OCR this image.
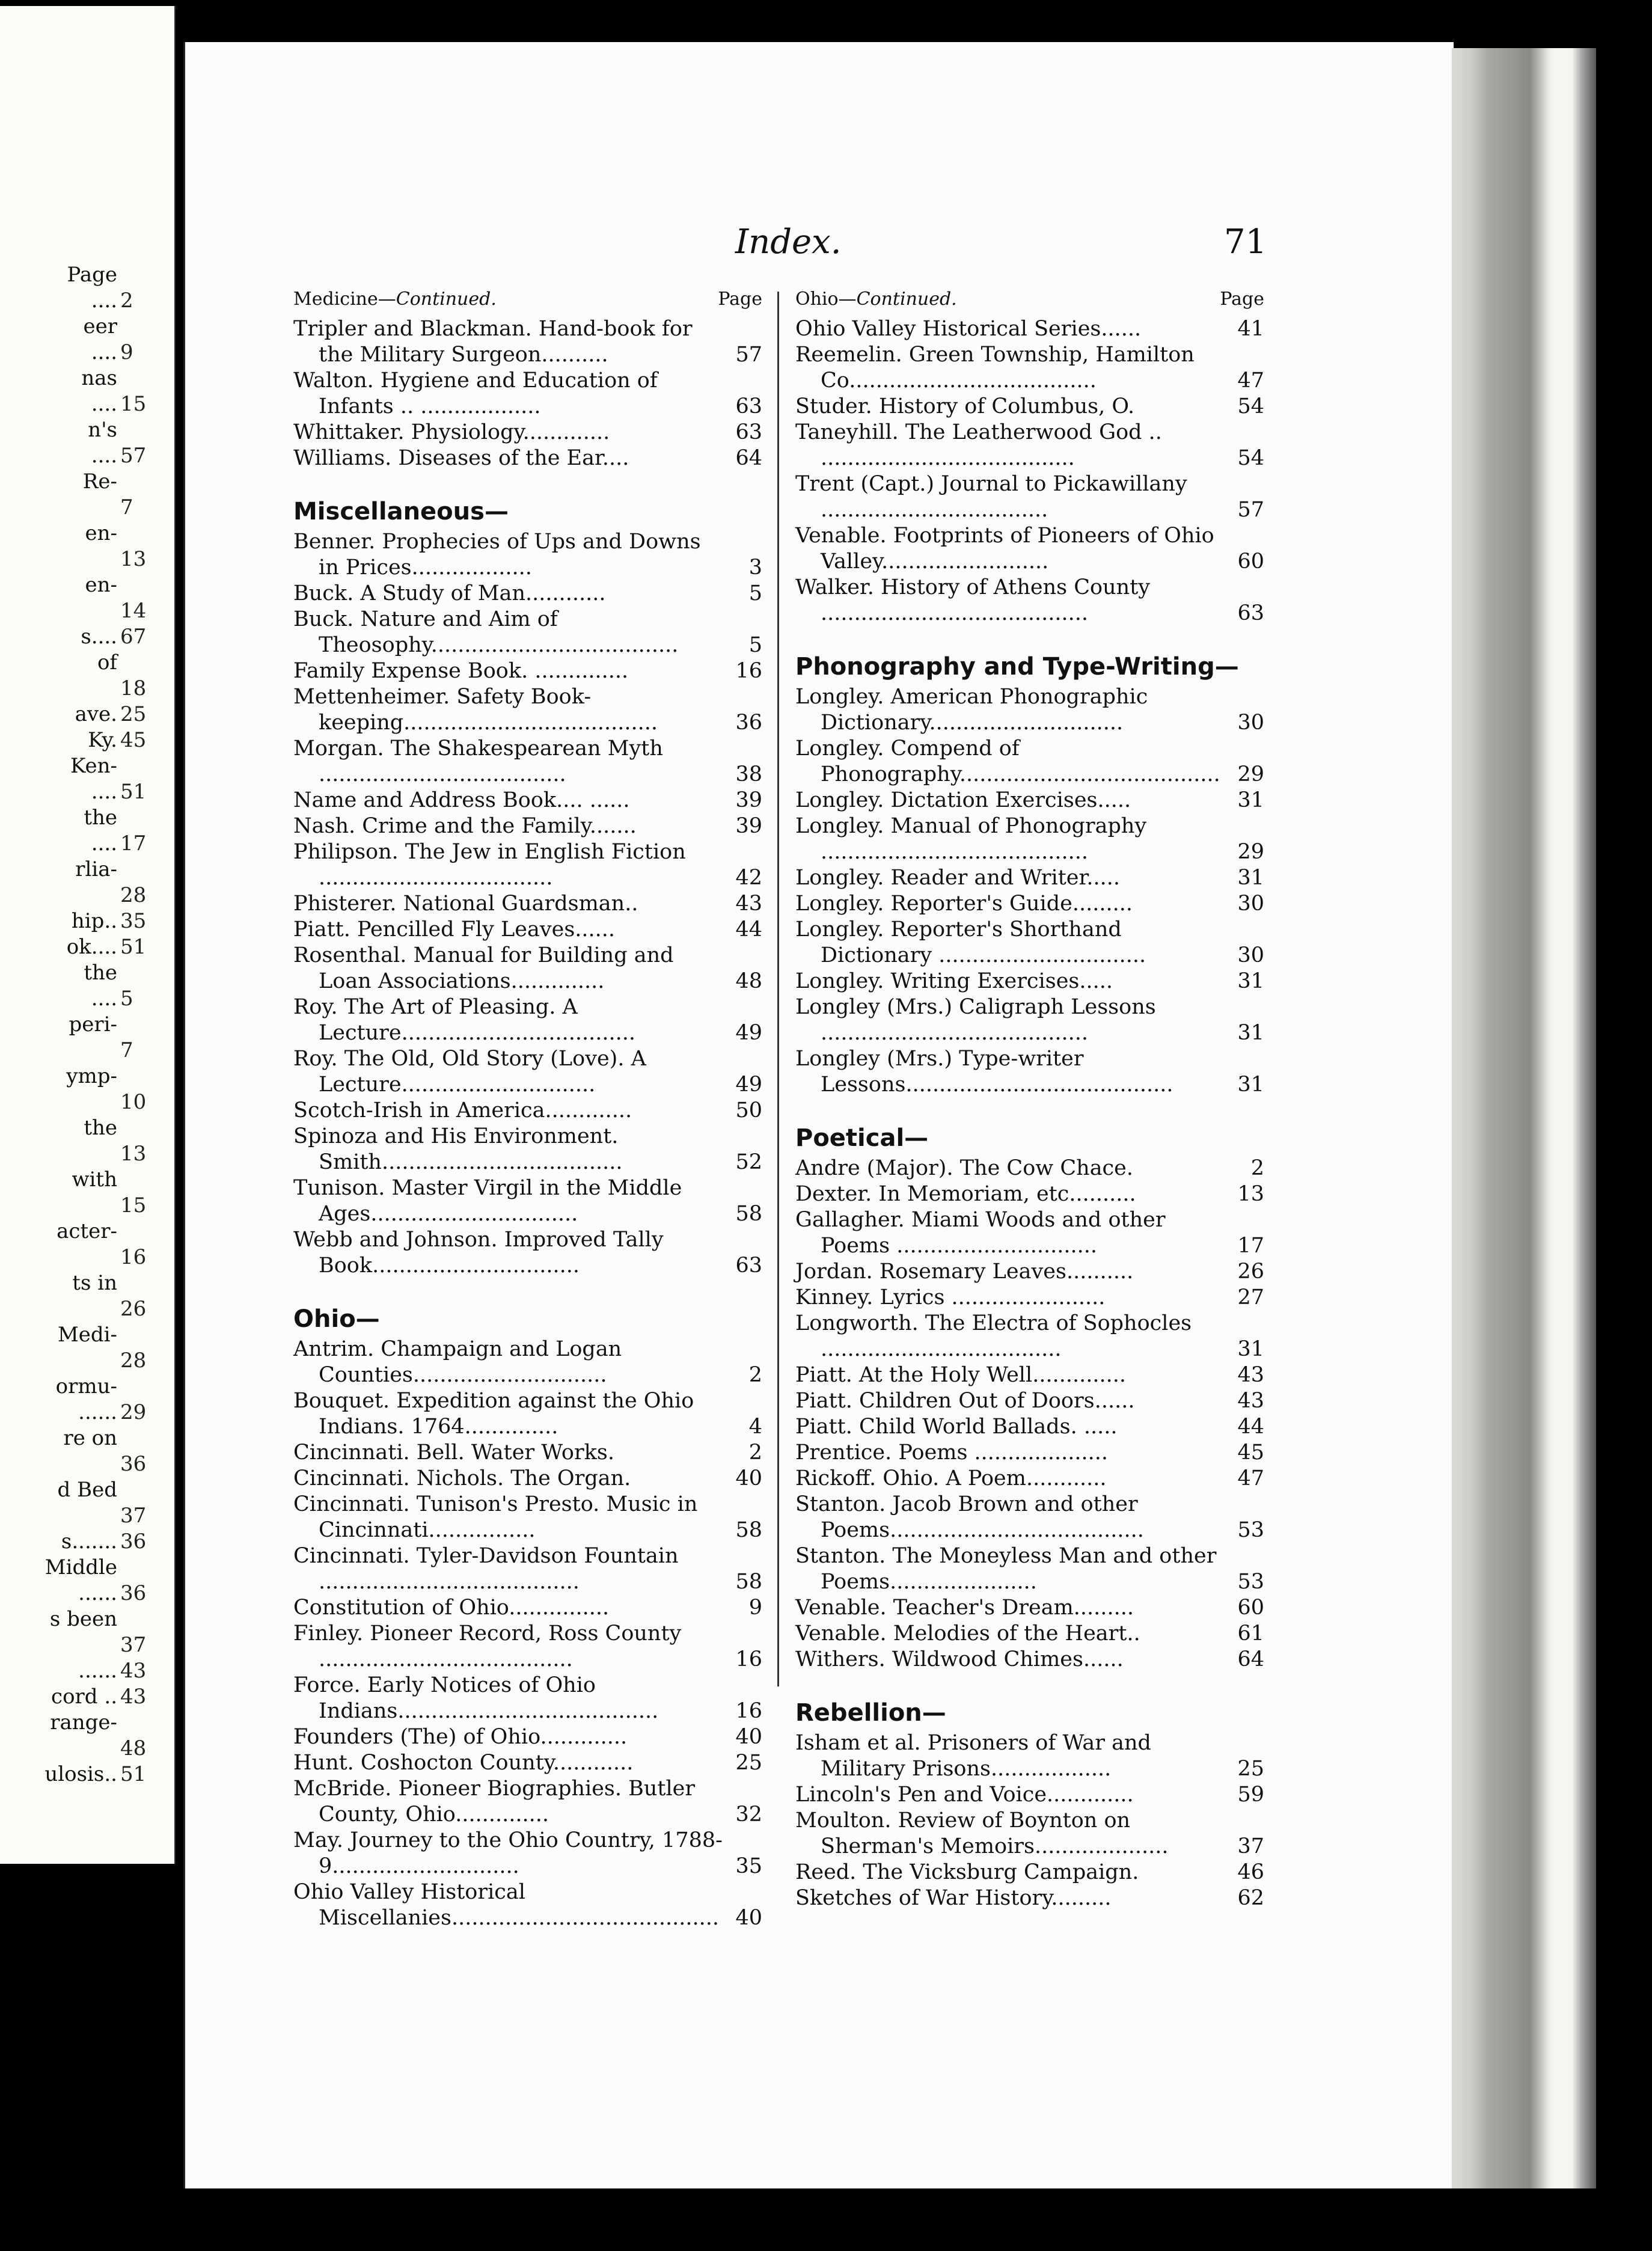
Page
.... 2
eer
.... 9
nas
.... 15
n's
.... 57
Re-
7
en-
13
en-
14
s.... 67
of
18
ave. 25
Ky. 45
Ken-
.... 51
the
.... 17
rlia-
28
hip.. 35
ok.... 51
the
.... 5
peri-
7
ymp-
10
the
13
with
15
acter-
16
ts in
26
Medi-
28
ormu-
...... 29
re on
36
d Bed
37
s....... 36
Middle
...... 36
s been
37
...... 43
cord .. 43
range-
48
ulosis.. 51
Index.	71
Medicine—Continued.	Page
Tripler and Blackman. Hand-book for the Military Surgeon..........	57
Walton. Hygiene and Education of Infants .. ..................	63
Whittaker. Physiology.............	63
Williams. Diseases of the Ear....	64
Miscellaneous—
Benner. Prophecies of Ups and Downs in Prices..................	3
Buck. A Study of Man............	5
Buck. Nature and Aim of Theosophy.....................................	5
Family Expense Book. ..............	16
Mettenheimer. Safety Book-keeping......................................	36
Morgan. The Shakespearean Myth .....................................	38
Name and Address Book.... ......	39
Nash. Crime and the Family.......	39
Philipson. The Jew in English Fiction ...................................	42
Phisterer. National Guardsman..	43
Piatt. Pencilled Fly Leaves......	44
Rosenthal. Manual for Building and Loan Associations..............	48
Roy. The Art of Pleasing. A Lecture...................................	49
Roy. The Old, Old Story (Love). A Lecture.............................	49
Scotch-Irish in America.............	50
Spinoza and His Environment. Smith....................................	52
Tunison. Master Virgil in the Middle Ages...............................	58
Webb and Johnson. Improved Tally Book...............................	63
Ohio—
Antrim. Champaign and Logan Counties.............................	2
Bouquet. Expedition against the Ohio Indians. 1764..............	4
Cincinnati. Bell. Water Works.	2
Cincinnati. Nichols. The Organ.	40
Cincinnati. Tunison's Presto. Music in Cincinnati................	58
Cincinnati. Tyler-Davidson Fountain .......................................	58
Constitution of Ohio...............	9
Finley. Pioneer Record, Ross County ......................................	16
Force. Early Notices of Ohio Indians.......................................	16
Founders (The) of Ohio.............	40
Hunt. Coshocton County............	25
McBride. Pioneer Biographies. Butler County, Ohio..............	32
May. Journey to the Ohio Country, 1788-9............................	35
Ohio Valley Historical Miscellanies........................................ 40
Ohio—Continued.	Page
Ohio Valley Historical Series......	41
Reemelin. Green Township, Hamilton Co.....................................	47
Studer. History of Columbus, O.	54
Taneyhill. The Leatherwood God .. ......................................	54
Trent (Capt.) Journal to Pickawillany ..................................	57
Venable. Footprints of Pioneers of Ohio Valley.........................	60
Walker. History of Athens County ........................................	63
Phonography and Type-Writing—
Longley. American Phonographic Dictionary.............................	30
Longley. Compend of Phonography....................................... 29
Longley. Dictation Exercises.....	31
Longley. Manual of Phonography ........................................	29
Longley. Reader and Writer.....	31
Longley. Reporter's Guide.........	30
Longley. Reporter's Shorthand Dictionary ...............................	30
Longley. Writing Exercises.....	31
Longley (Mrs.) Caligraph Lessons ........................................	31
Longley (Mrs.) Type-writer Lessons........................................	31
Poetical—
Andre (Major). The Cow Chace.	2
Dexter. In Memoriam, etc..........	13
Gallagher. Miami Woods and other Poems ..............................	17
Jordan. Rosemary Leaves..........	26
Kinney. Lyrics .......................	27
Longworth. The Electra of Sophocles ....................................	31
Piatt. At the Holy Well..............	43
Piatt. Children Out of Doors......	43
Piatt. Child World Ballads. .....	44
Prentice. Poems ....................	45
Rickoff. Ohio. A Poem............	47
Stanton. Jacob Brown and other Poems......................................	53
Stanton. The Moneyless Man and other Poems......................	53
Venable. Teacher's Dream.........	60
Venable. Melodies of the Heart..	61
Withers. Wildwood Chimes......	64
Rebellion—
Isham et al. Prisoners of War and Military Prisons..................	25
Lincoln's Pen and Voice.............	59
Moulton. Review of Boynton on Sherman's Memoirs....................	37
Reed. The Vicksburg Campaign.	46
Sketches of War History.........	62
